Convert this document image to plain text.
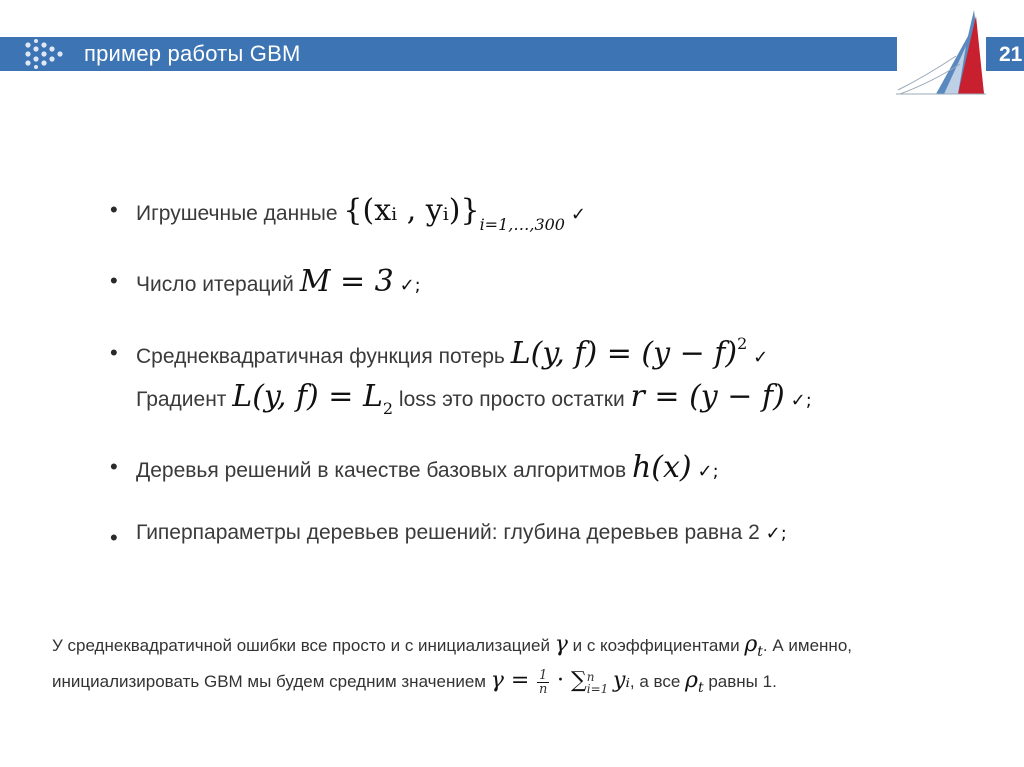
пример работы GBM	21
• Игрушечные данные {(xᵢ , $yᵢ)\}_{i=1,\dots,300}$ ✓
• Число итераций M = 3 ✓;
• Среднеквадратичная функция потерь L(y, $f) = (y - f)^2$ ✓
Градиент L(y, $f) = L_2$ loss это просто остатки r = (y − f) ✓;
• Деревья решений в качестве базовых алгоритмов h(x) ✓;
• Гиперпараметры деревьев решений: глубина деревьев равна 2 ✓;
У среднеквадратичной ошибки все просто и с инициализацией γ и с коэффициентами $\rho_t$. А именно,
инициализировать GBM мы будем средним значением $\gamma = \frac{1}{n}$ · ∑ n
i=1 yᵢ, а все $\rho_t$ равны 1.
